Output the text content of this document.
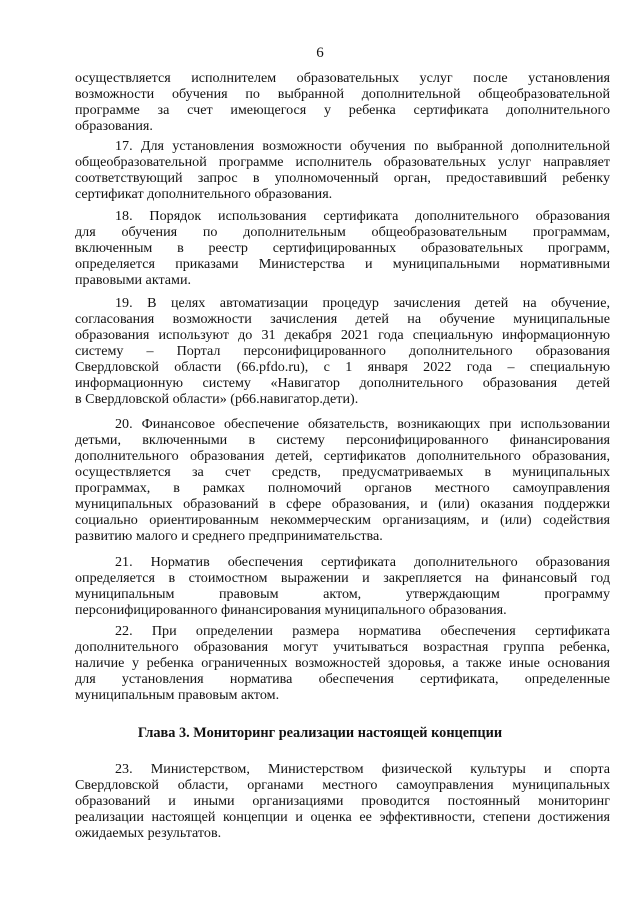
6
осуществляется исполнителем образовательных услуг после установления
возможности обучения по выбранной дополнительной общеобразовательной
программе за счет имеющегося у ребенка сертификата дополнительного
образования.
17. Для установления возможности обучения по выбранной дополнительной
общеобразовательной программе исполнитель образовательных услуг направляет
соответствующий запрос в уполномоченный орган, предоставивший ребенку
сертификат дополнительного образования.
18. Порядок использования сертификата дополнительного образования
для обучения по дополнительным общеобразовательным программам,
включенным в реестр сертифицированных образовательных программ,
определяется приказами Министерства и муниципальными нормативными
правовыми актами.
19. В целях автоматизации процедур зачисления детей на обучение,
согласования возможности зачисления детей на обучение муниципальные
образования используют до 31 декабря 2021 года специальную информационную
систему – Портал персонифицированного дополнительного образования
Свердловской области (66.pfdo.ru), с 1 января 2022 года – специальную
информационную систему «Навигатор дополнительного образования детей
в Свердловской области» (р66.навигатор.дети).
20. Финансовое обеспечение обязательств, возникающих при использовании
детьми, включенными в систему персонифицированного финансирования
дополнительного образования детей, сертификатов дополнительного образования,
осуществляется за счет средств, предусматриваемых в муниципальных
программах, в рамках полномочий органов местного самоуправления
муниципальных образований в сфере образования, и (или) оказания поддержки
социально ориентированным некоммерческим организациям, и (или) содействия
развитию малого и среднего предпринимательства.
21. Норматив обеспечения сертификата дополнительного образования
определяется в стоимостном выражении и закрепляется на финансовый год
муниципальным правовым актом, утверждающим программу
персонифицированного финансирования муниципального образования.
22. При определении размера норматива обеспечения сертификата
дополнительного образования могут учитываться возрастная группа ребенка,
наличие у ребенка ограниченных возможностей здоровья, а также иные основания
для установления норматива обеспечения сертификата, определенные
муниципальным правовым актом.
Глава 3. Мониторинг реализации настоящей концепции
23. Министерством, Министерством физической культуры и спорта
Свердловской области, органами местного самоуправления муниципальных
образований и иными организациями проводится постоянный мониторинг
реализации настоящей концепции и оценка ее эффективности, степени достижения
ожидаемых результатов.
